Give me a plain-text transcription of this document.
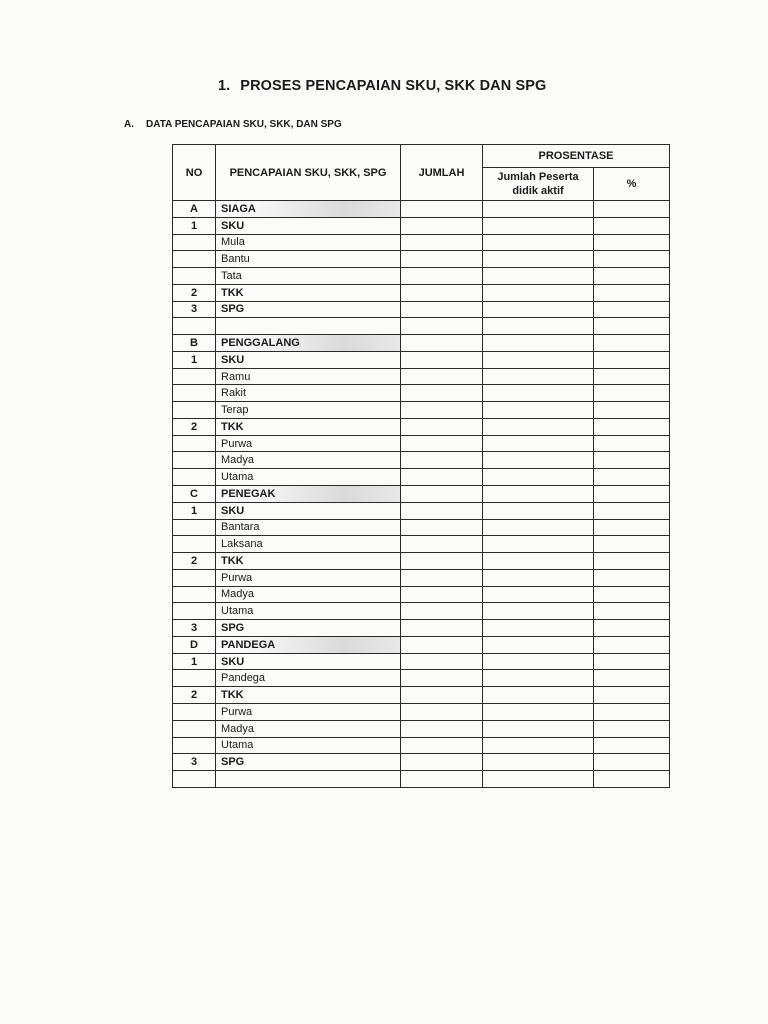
1. PROSES PENCAPAIAN SKU, SKK DAN SPG
A. DATA PENCAPAIAN SKU, SKK, DAN SPG
NO	PENCAPAIAN SKU, SKK, SPG	JUMLAH	PROSENTASE	
			Jumlah Peserta didik aktif	%
A	SIAGA			
1	SKU			
	Mula			
	Bantu			
	Tata			
2	TKK			
3	SPG			

B	PENGGALANG			
1	SKU			
	Ramu			
	Rakit			
	Terap			
2	TKK			
	Purwa			
	Madya			
	Utama			
C	PENEGAK			
1	SKU			
	Bantara			
	Laksana			
2	TKK			
	Purwa			
	Madya			
	Utama			
3	SPG			
D	PANDEGA			
1	SKU			
	Pandega			
2	TKK			
	Purwa			
	Madya			
	Utama			
3	SPG			
